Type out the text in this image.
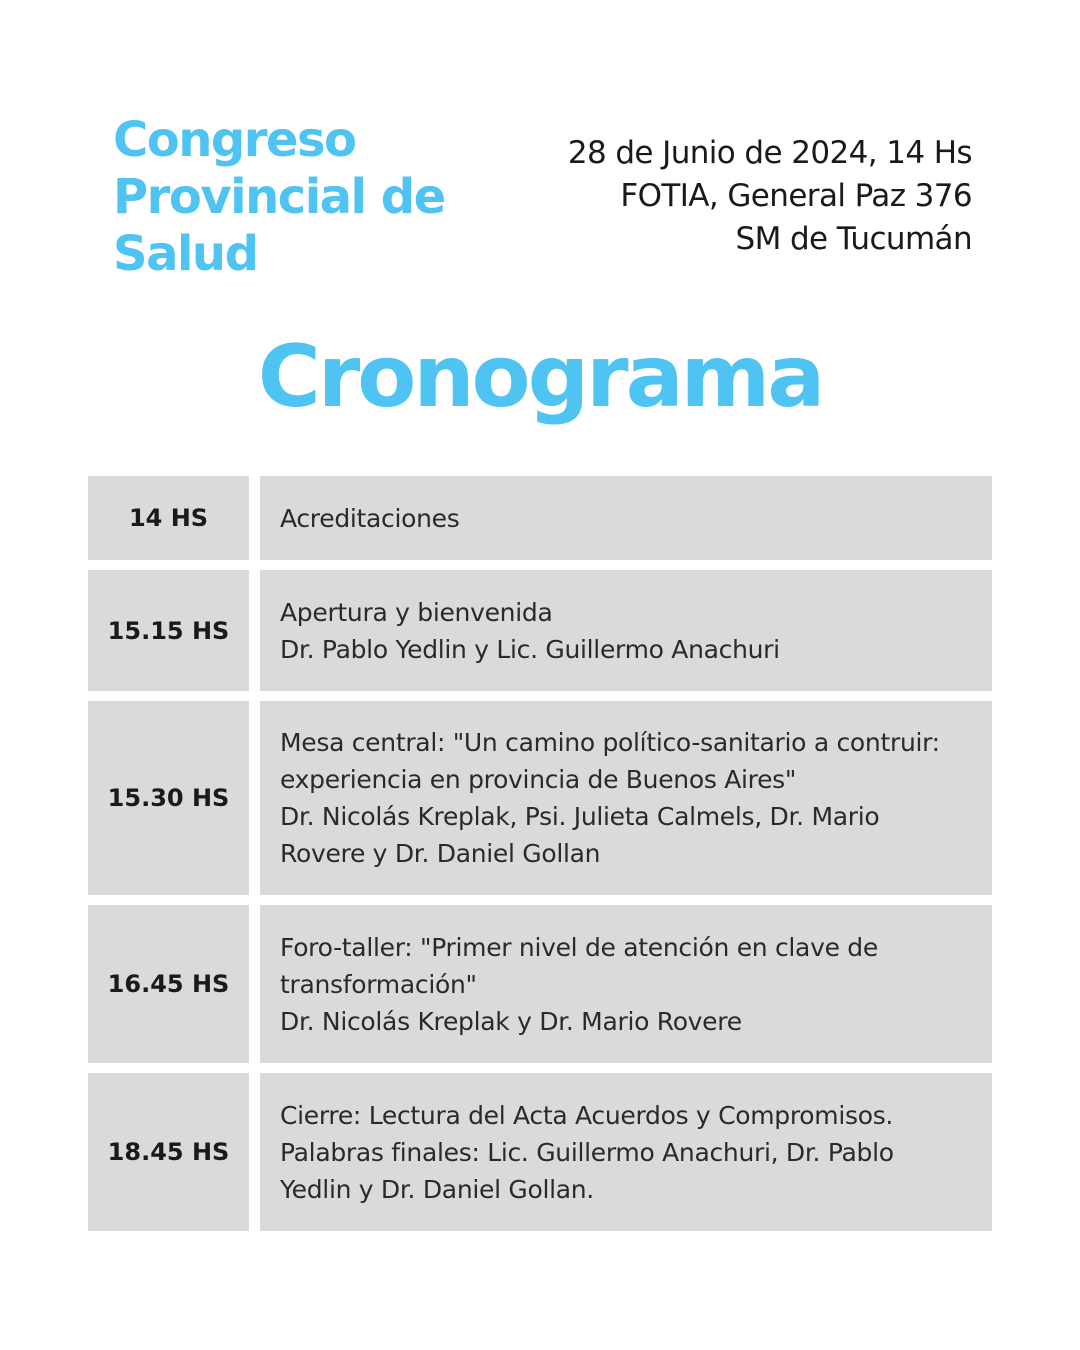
Congreso
Provincial de
Salud
28 de Junio de 2024, 14 Hs
FOTIA, General Paz 376
SM de Tucumán
Cronograma
14 HS	Acreditaciones
15.15 HS
Apertura y bienvenida
Dr. Pablo Yedlin y Lic. Guillermo Anachuri
15.30 HS
Mesa central: "Un camino político-sanitario a contruir:
experiencia en provincia de Buenos Aires"
Dr. Nicolás Kreplak, Psi. Julieta Calmels, Dr. Mario
Rovere y Dr. Daniel Gollan
16.45 HS
Foro-taller: "Primer nivel de atención en clave de
transformación"
Dr. Nicolás Kreplak y Dr. Mario Rovere
18.45 HS
Cierre: Lectura del Acta Acuerdos y Compromisos.
Palabras finales: Lic. Guillermo Anachuri, Dr. Pablo
Yedlin y Dr. Daniel Gollan.
